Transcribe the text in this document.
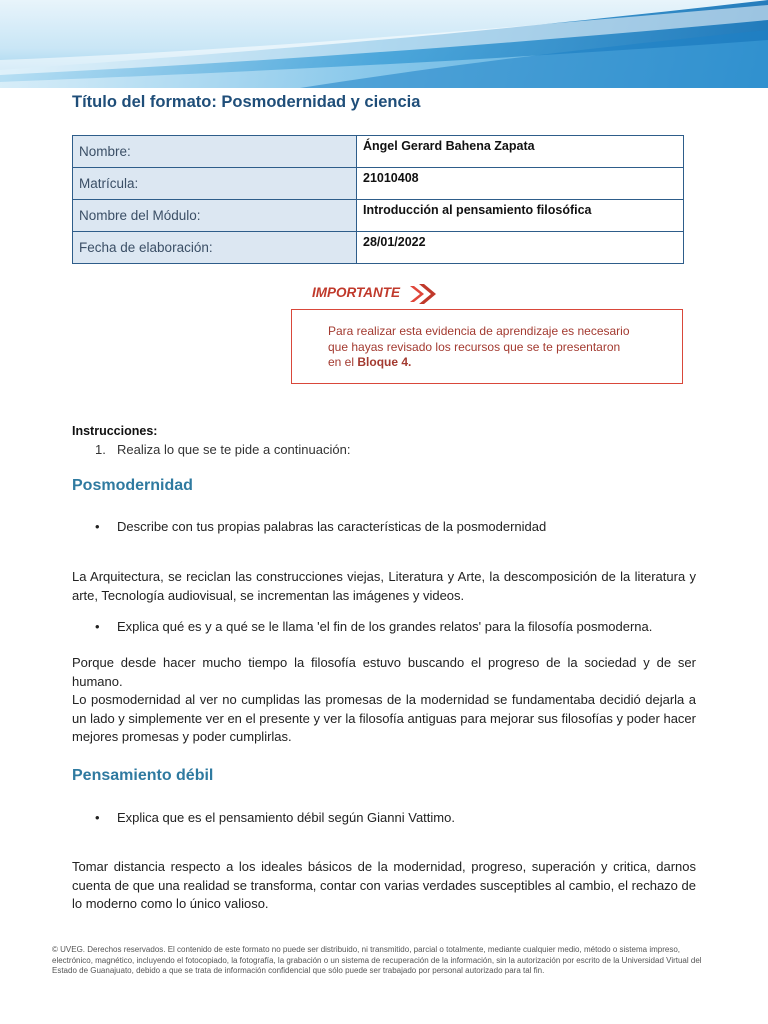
Título del formato: Posmodernidad y ciencia
Nombre:	Ángel Gerard Bahena Zapata
Matrícula:	21010408
Nombre del Módulo:	Introducción al pensamiento filosófica
Fecha de elaboración:	28/01/2022
IMPORTANTE
Para realizar esta evidencia de aprendizaje es necesario
que hayas revisado los recursos que se te presentaron
en el Bloque 4.
Instrucciones:
1. Realiza lo que se te pide a continuación:
Posmodernidad
• Describe con tus propias palabras las características de la posmodernidad
La Arquitectura, se reciclan las construcciones viejas, Literatura y Arte, la descomposición de la literatura y arte, Tecnología audiovisual, se incrementan las imágenes y videos.
• Explica qué es y a qué se le llama 'el fin de los grandes relatos' para la filosofía posmoderna.
Porque desde hacer mucho tiempo la filosofía estuvo buscando el progreso de la sociedad y de ser humano.
Lo posmodernidad al ver no cumplidas las promesas de la modernidad se fundamentaba decidió dejarla a un lado y simplemente ver en el presente y ver la filosofía antiguas para mejorar sus filosofías y poder hacer mejores promesas y poder cumplirlas.
Pensamiento débil
• Explica que es el pensamiento débil según Gianni Vattimo.
Tomar distancia respecto a los ideales básicos de la modernidad, progreso, superación y critica, darnos cuenta de que una realidad se transforma, contar con varias verdades susceptibles al cambio, el rechazo de lo moderno como lo único valioso.
© UVEG. Derechos reservados. El contenido de este formato no puede ser distribuido, ni transmitido, parcial o totalmente, mediante cualquier medio, método o sistema impreso, electrónico, magnético, incluyendo el fotocopiado, la fotografía, la grabación o un sistema de recuperación de la información, sin la autorización por escrito de la Universidad Virtual del Estado de Guanajuato, debido a que se trata de información confidencial que sólo puede ser trabajado por personal autorizado para tal fin.
